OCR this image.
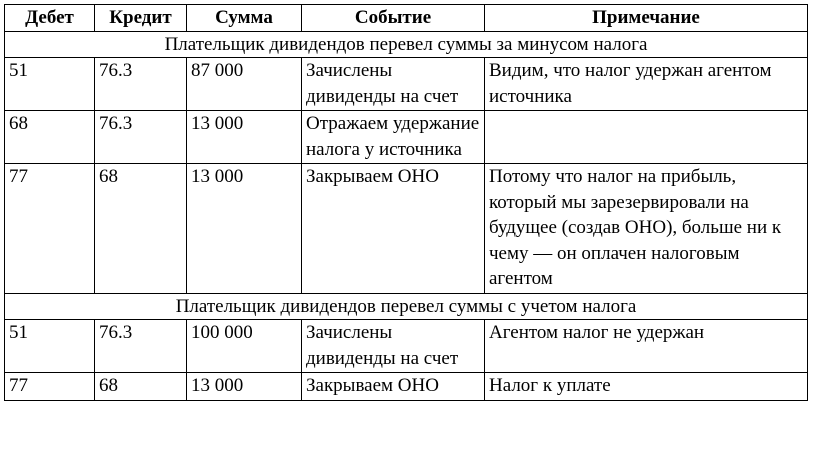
Дебет	Кредит	Сумма	Событие	Примечание
Плательщик дивидендов перевел суммы за минусом налога				
51	76.3	87 000	Зачислены дивиденды на счет	Видим, что налог удержан агентом источника
68	76.3	13 000	Отражаем удержание налога у источника	
77	68	13 000	Закрываем ОНО	Потому что налог на прибыль, который мы зарезервировали на будущее (создав ОНО), больше ни к чему — он оплачен налоговым агентом
Плательщик дивидендов перевел суммы с учетом налога				
51	76.3	100 000	Зачислены дивиденды на счет	Агентом налог не удержан
77	68	13 000	Закрываем ОНО	Налог к уплате
